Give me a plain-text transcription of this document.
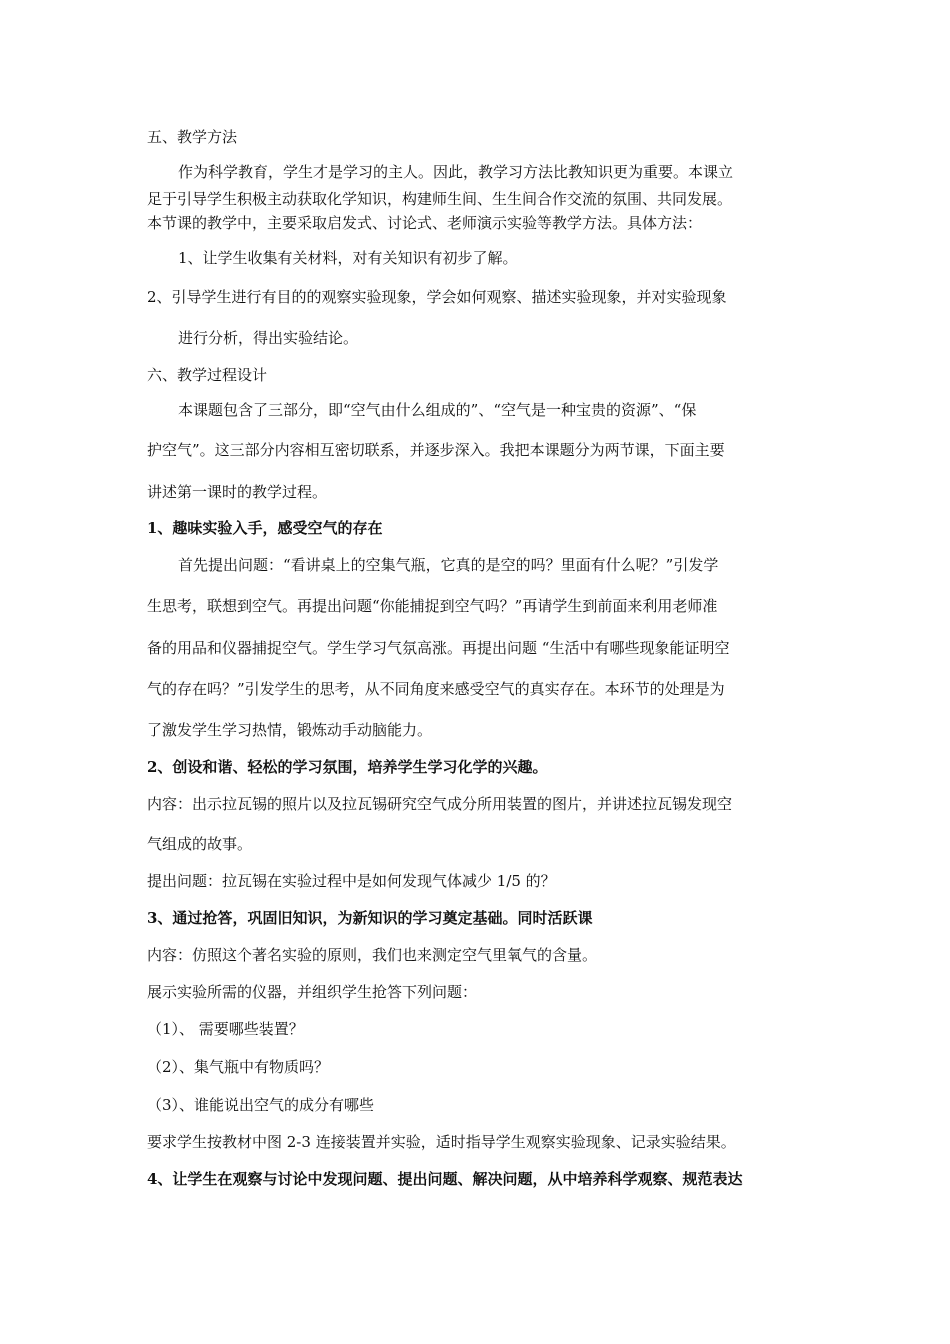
五、教学方法
作为科学教育，学生才是学习的主人。因此，教学习方法比教知识更为重要。本课立
足于引导学生积极主动获取化学知识，构建师生间、生生间合作交流的氛围、共同发展。
本节课的教学中，主要采取启发式、讨论式、老师演示实验等教学方法。具体方法：
1、让学生收集有关材料，对有关知识有初步了解。
2、引导学生进行有目的的观察实验现象，学会如何观察、描述实验现象，并对实验现象
进行分析，得出实验结论。
六、教学过程设计
本课题包含了三部分，即“空气由什么组成的”、“空气是一种宝贵的资源”、“保
护空气”。这三部分内容相互密切联系，并逐步深入。我把本课题分为两节课，下面主要
讲述第一课时的教学过程。
1、趣味实验入手，感受空气的存在
首先提出问题：“看讲桌上的空集气瓶，它真的是空的吗？里面有什么呢？”引发学
生思考，联想到空气。再提出问题“你能捕捉到空气吗？”再请学生到前面来利用老师准
备的用品和仪器捕捉空气。学生学习气氛高涨。再提出问题 “生活中有哪些现象能证明空
气的存在吗？”引发学生的思考，从不同角度来感受空气的真实存在。本环节的处理是为
了激发学生学习热情，锻炼动手动脑能力。
2、创设和谐、轻松的学习氛围，培养学生学习化学的兴趣。
内容：出示拉瓦锡的照片以及拉瓦锡研究空气成分所用装置的图片，并讲述拉瓦锡发现空
气组成的故事。
提出问题：拉瓦锡在实验过程中是如何发现气体减少 1/5 的？
3、通过抢答，巩固旧知识，为新知识的学习奠定基础。同时活跃课
内容：仿照这个著名实验的原则，我们也来测定空气里氧气的含量。
展示实验所需的仪器，并组织学生抢答下列问题：
（1）、 需要哪些装置？
（2）、集气瓶中有物质吗？
（3）、谁能说出空气的成分有哪些
要求学生按教材中图 2-3 连接装置并实验，适时指导学生观察实验现象、记录实验结果。
4、让学生在观察与讨论中发现问题、提出问题、解决问题，从中培养科学观察、规范表达
